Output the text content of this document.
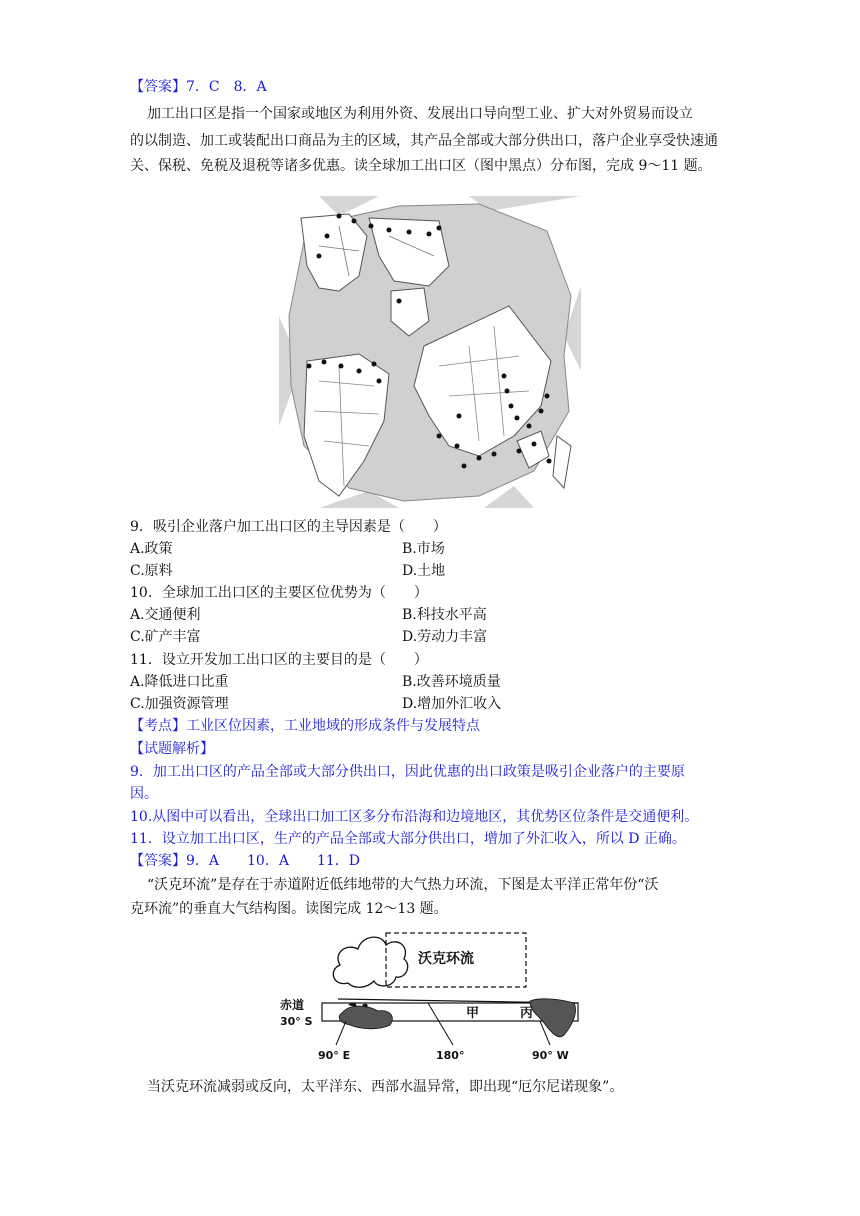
【答案】7．C　8．A
加工出口区是指一个国家或地区为利用外资、发展出口导向型工业、扩大对外贸易而设立
的以制造、加工或装配出口商品为主的区域，其产品全部或大部分供出口，落户企业享受快速通
关、保税、免税及退税等诸多优惠。读全球加工出口区（图中黑点）分布图，完成 9～11 题。
9．吸引企业落户加工出口区的主导因素是（　　）
A.政策	B.市场
C.原料	D.土地
10．全球加工出口区的主要区位优势为（　　）
A.交通便利	B.科技水平高
C.矿产丰富	D.劳动力丰富
11．设立开发加工出口区的主要目的是（　　）
A.降低进口比重	B.改善环境质量
C.加强资源管理	D.增加外汇收入
【考点】工业区位因素，工业地域的形成条件与发展特点
【试题解析】
9．加工出口区的产品全部或大部分供出口，因此优惠的出口政策是吸引企业落户的主要原
因。
10.从图中可以看出，全球出口加工区多分布沿海和边境地区，其优势区位条件是交通便利。
11．设立加工出口区，生产的产品全部或大部分供出口，增加了外汇收入，所以 D 正确。
【答案】9．A　　10．A　　11．D
“沃克环流”是存在于赤道附近低纬地带的大气热力环流，下图是太平洋正常年份“沃
克环流”的垂直大气结构图。读图完成 12～13 题。
沃克环流
赤道
30° S
甲	丙
90° E	180°	90° W
当沃克环流减弱或反向，太平洋东、西部水温异常，即出现“厄尔尼诺现象”。
